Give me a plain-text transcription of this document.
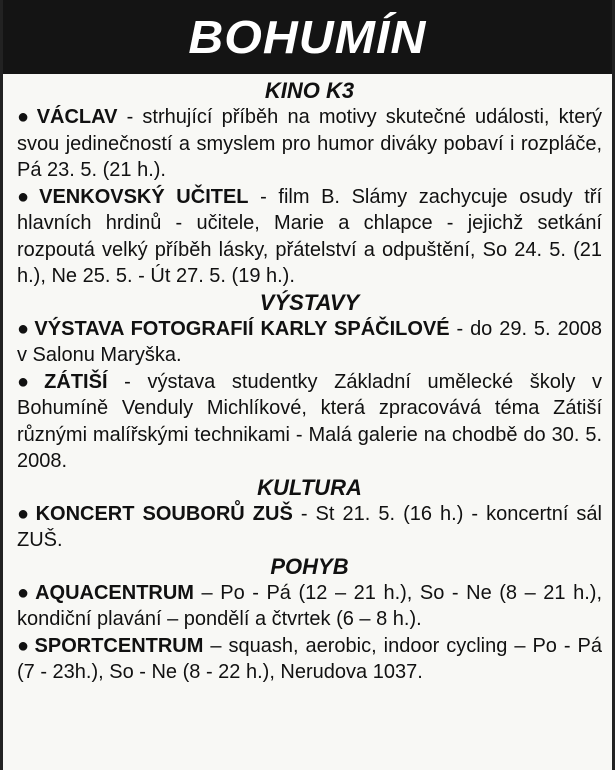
BOHUMÍN
KINO K3

● VÁCLAV - strhující příběh na motivy skutečné události, který svou jedinečností a smyslem pro humor diváky pobaví i rozpláče, Pá 23. 5. (21 h.).

● VENKOVSKÝ UČITEL - film B. Slámy zachycuje osudy tří hlavních hrdinů - učitele, Marie a chlapce - jejichž setkání rozpoutá velký příběh lásky, přátelství a odpuštění, So 24. 5. (21 h.), Ne 25. 5. - Út 27. 5. (19 h.).

VÝSTAVY

● VÝSTAVA FOTOGRAFIÍ KARLY SPÁČILOVÉ - do 29. 5. 2008 v Salonu Maryška.

● ZÁTIŠÍ - výstava studentky Základní umělecké školy v Bohumíně Venduly Michlíkové, která zpracovává téma Zátiší různými malířskými technikami - Malá galerie na chodbě do 30. 5. 2008.

KULTURA

● KONCERT SOUBORŮ ZUŠ - St 21. 5. (16 h.) - koncertní sál ZUŠ.

POHYB

● AQUACENTRUM – Po - Pá (12 – 21 h.), So - Ne (8 – 21 h.), kondiční plavání – pondělí a čtvrtek (6 – 8 h.).

● SPORTCENTRUM – squash, aerobic, indoor cycling – Po - Pá (7 - 23h.), So - Ne (8 - 22 h.), Nerudova 1037.
